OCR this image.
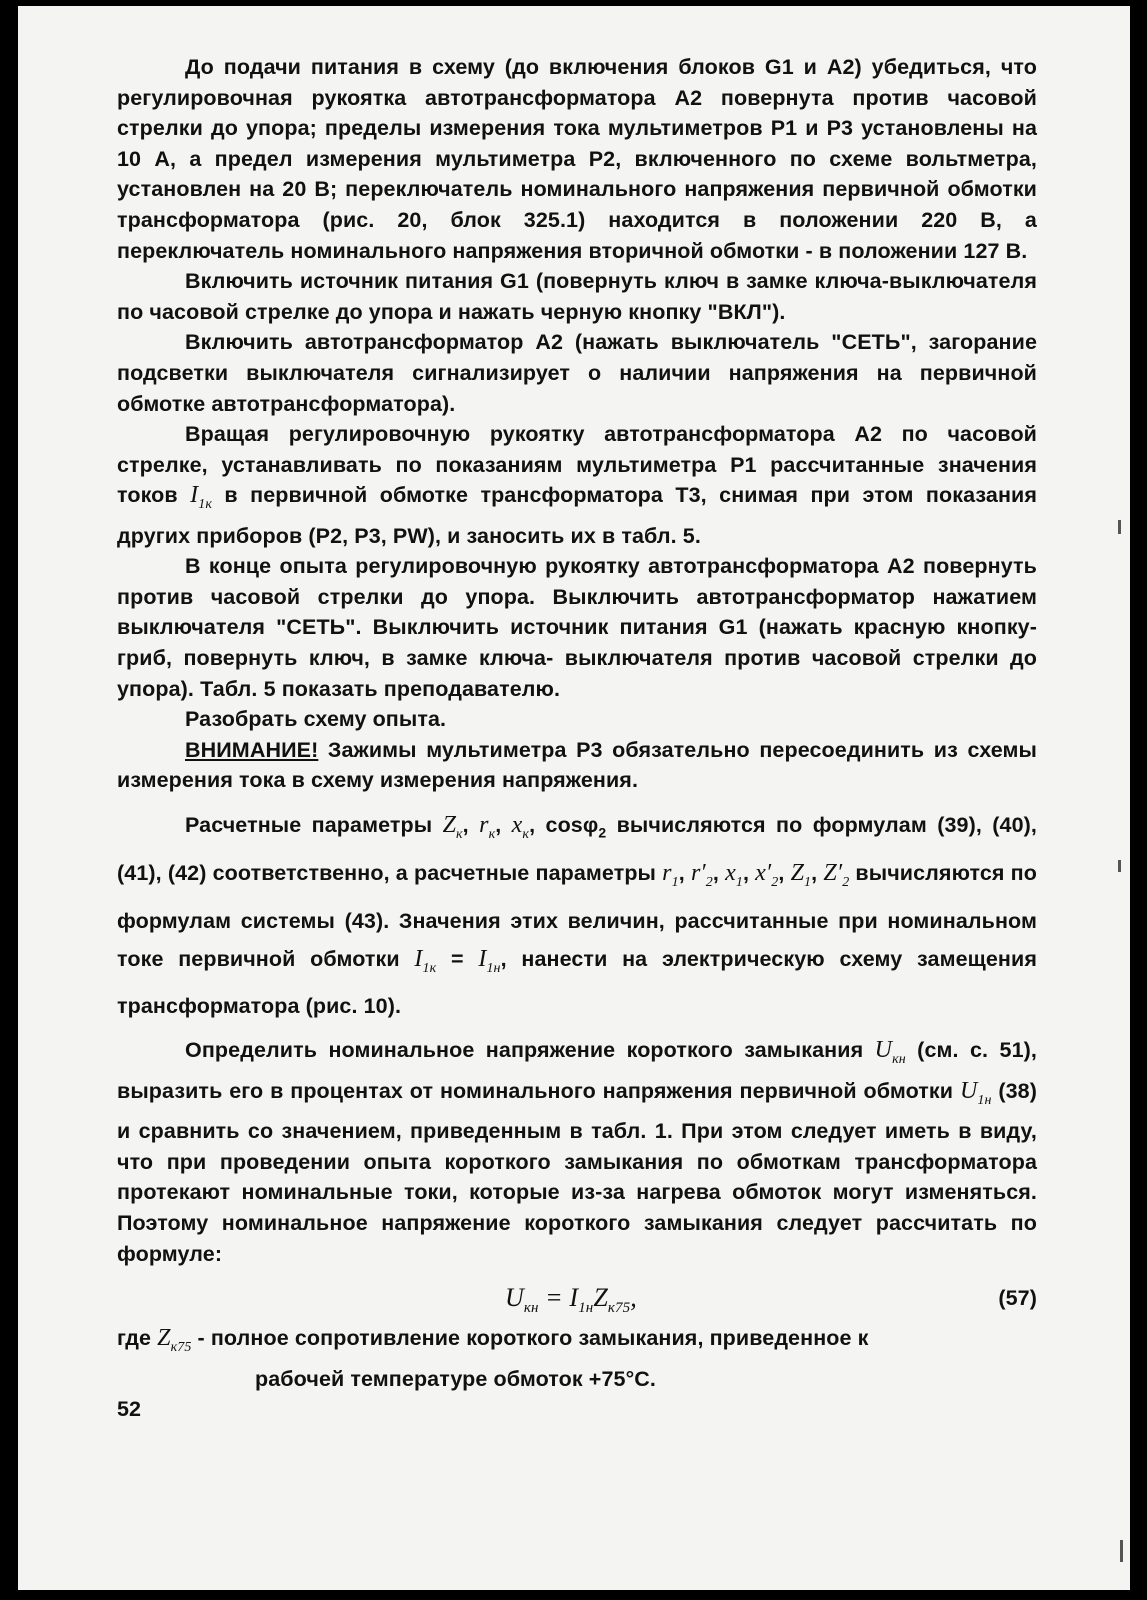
До подачи питания в схему (до включения блоков G1 и А2) убедиться, что регулировочная рукоятка автотрансформатора А2 повернута против часовой стрелки до упора; пределы измерения тока мультиметров Р1 и Р3 установлены на 10 А, а предел измерения мультиметра Р2, включенного по схеме вольтметра, установлен на 20 В; переключатель номинального напряжения первичной обмотки трансформатора (рис. 20, блок 325.1) находится в положении 220 В, а переключатель номинального напряжения вторичной обмотки - в положении 127 В.

Включить источник питания G1 (повернуть ключ в замке ключа-выключателя по часовой стрелке до упора и нажать черную кнопку "ВКЛ").

Включить автотрансформатор А2 (нажать выключатель "СЕТЬ", загорание подсветки выключателя сигнализирует о наличии напряжения на первичной обмотке автотрансформатора).

Вращая регулировочную рукоятку автотрансформатора А2 по часовой стрелке, устанавливать по показаниям мультиметра Р1 рассчитанные значения токов $I_{1к}$ в первичной обмотке трансформатора Т3, снимая при этом показания других приборов (Р2, Р3, PW), и заносить их в табл. 5.

В конце опыта регулировочную рукоятку автотрансформатора А2 повернуть против часовой стрелки до упора. Выключить автотрансформатор нажатием выключателя "СЕТЬ". Выключить источник питания G1 (нажать красную кнопку-гриб, повернуть ключ, в замке ключа- выключателя против часовой стрелки до упора). Табл. 5 показать преподавателю.

Разобрать схему опыта.

ВНИМАНИЕ! Зажимы мультиметра Р3 обязательно пересоединить из схемы измерения тока в схему измерения напряжения.

Расчетные параметры $Z_к$, $r_к$, $x_к$, cosφ$_2$ вычисляются по формулам (39), (40), (41), (42) соответственно, а расчетные параметры $r_1$, $r'_2$, $x_1$, $x'_2$, $Z_1$, $Z'_2$ вычисляются по формулам системы (43). Значения этих величин, рассчитанные при номинальном токе первичной обмотки $I_{1к} = I_{1н}$, нанести на электрическую схему замещения трансформатора (рис. 10).

Определить номинальное напряжение короткого замыкания $U_{кн}$ (см. с. 51), выразить его в процентах от номинального напряжения первичной обмотки $U_{1н}$ (38) и сравнить со значением, приведенным в табл. 1. При этом следует иметь в виду, что при проведении опыта короткого замыкания по обмоткам трансформатора протекают номинальные токи, которые из-за нагрева обмоток могут изменяться. Поэтому номинальное напряжение короткого замыкания следует рассчитать по формуле:

$U_{кн} = I_{1н}Z_{к75}$,	(57)

где $Z_{к75}$ - полное сопротивление короткого замыкания, приведенное к
рабочей температуре обмоток +75°С.

52
